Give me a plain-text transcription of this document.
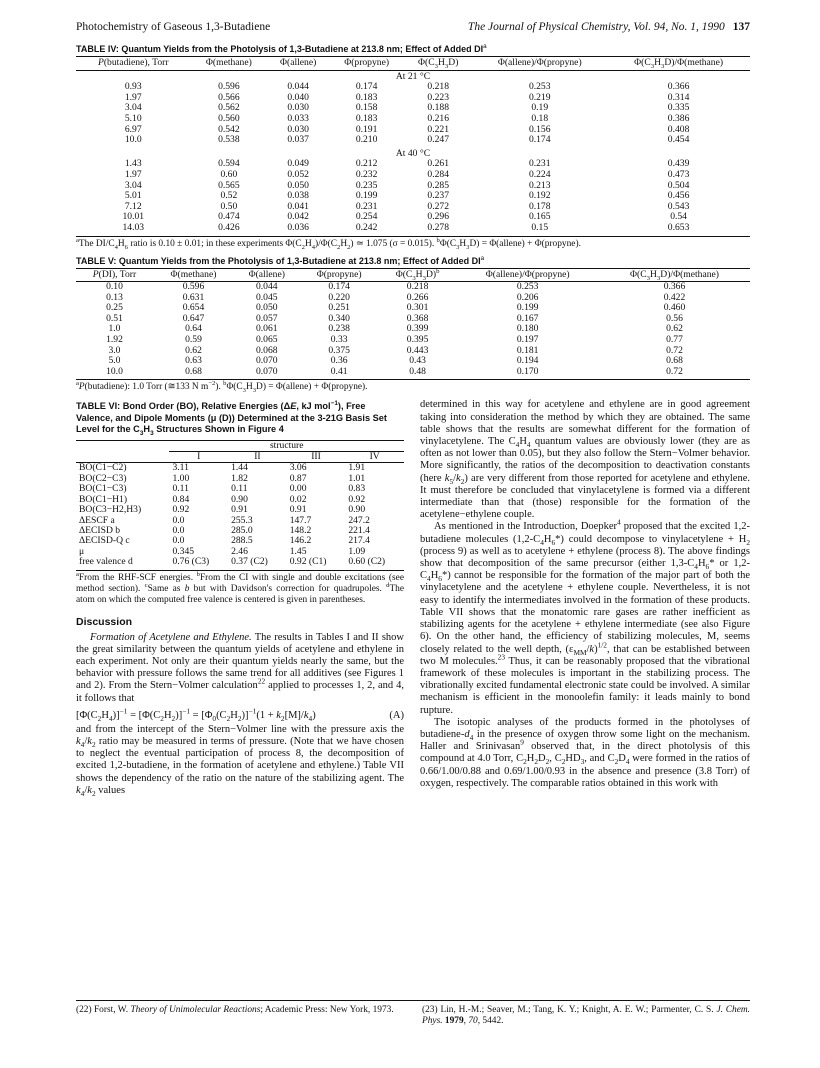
Photochemistry of Gaseous 1,3-Butadiene	The Journal of Physical Chemistry, Vol. 94, No. 1, 1990 137
TABLE IV: Quantum Yields from the Photolysis of 1,3-Butadiene at 213.8 nm; Effect of Added $DI^a$
P(butadiene), Torr	Φ(methane)	Φ(allene)	Φ(propyne)	$\Phi(C_3H_3D)$	Φ(allene)/Φ(propyne)	$\Phi(C_3H_3D)/\Phi(methane)$
At 21 °C						
0.93	0.596	0.044	0.174	0.218	0.253	0.366
1.97	0.566	0.040	0.183	0.223	0.219	0.314
3.04	0.562	0.030	0.158	0.188	0.19	0.335
5.10	0.560	0.033	0.183	0.216	0.18	0.386
6.97	0.542	0.030	0.191	0.221	0.156	0.408
10.0	0.538	0.037	0.210	0.247	0.174	0.454
At 40 °C						
1.43	0.594	0.049	0.212	0.261	0.231	0.439
1.97	0.60	0.052	0.232	0.284	0.224	0.473
3.04	0.565	0.050	0.235	0.285	0.213	0.504
5.01	0.52	0.038	0.199	0.237	0.192	0.456
7.12	0.50	0.041	0.231	0.272	0.178	0.543
10.01	0.474	0.042	0.254	0.296	0.165	0.54
14.03	0.426	0.036	0.242	0.278	0.15	0.653
$^a$The $DI/C_4H_6$ ratio is 0.10 ± 0.01; in these experiments $\Phi(C_2H_4)/\Phi(C_2H_2)$ ≃ 1.075 (σ = 0.015). $^b\Phi(C_3H_3D)$ = Φ(allene) + Φ(propyne).
TABLE V: Quantum Yields from the Photolysis of 1,3-Butadiene at 213.8 nm; Effect of Added $DI^a$
P(DI), Torr	Φ(methane)	Φ(allene)	Φ(propyne)	$\Phi(C_3H_3D)^b$	Φ(allene)/Φ(propyne)	$\Phi(C_3H_3D)/\Phi(methane)$
0.10	0.596	0.044	0.174	0.218	0.253	0.366
0.13	0.631	0.045	0.220	0.266	0.206	0.422
0.25	0.654	0.050	0.251	0.301	0.199	0.460
0.51	0.647	0.057	0.340	0.368	0.167	0.56
1.0	0.64	0.061	0.238	0.399	0.180	0.62
1.92	0.59	0.065	0.33	0.395	0.197	0.77
3.0	0.62	0.068	0.375	0.443	0.181	0.72
5.0	0.63	0.070	0.36	0.43	0.194	0.68
10.0	0.68	0.070	0.41	0.48	0.170	0.72
$^a$P(butadiene): 1.0 Torr (≅133 N $m^{-2}$). $^b\Phi(C_3H_3D)$ = Φ(allene) + Φ(propyne).
TABLE VI: Bond Order (BO), Relative Energies (ΔE, kJ mol$^{-1}$), Free Valence, and Dipole Moments (μ (D)) Determined at the 3-21G Basis Set Level for the $C_3H_3$ Structures Shown in Figure 4
	structure			
	I	II	III	IV
BO(C1−C2)	3.11	1.44	3.06	1.91
BO(C2−C3)	1.00	1.82	0.87	1.01
BO(C1−C3)	0.11	0.11	0.00	0.83
BO(C1−H1)	0.84	0.90	0.02	0.92
BO(C3−H2,H3)	0.92	0.91	0.91	0.90
ΔESCF a	0.0	255.3	147.7	247.2
ΔECISD b	0.0	285.0	148.2	221.4
ΔECISD-Q c	0.0	288.5	146.2	217.4
μ	0.345	2.46	1.45	1.09
free valence d	0.76 (C3)	0.37 (C2)	0.92 (C1)	0.60 (C2)
$^a$From the RHF-SCF energies. $^b$From the CI with single and double excitations (see method section). $^c$Same as b but with Davidson's correction for quadrupoles. $^d$The atom on which the computed free valence is centered is given in parentheses.
Discussion

Formation of Acetylene and Ethylene. The results in Tables I and II show the great similarity between the quantum yields of acetylene and ethylene in each experiment. Not only are their quantum yields nearly the same, but the behavior with pressure follows the same trend for all additives (see Figures 1 and 2). From the Stern−Volmer calculation$^{22}$ applied to processes 1, 2, and 4, it follows that

$[\Phi(C_2H_4)]^{-1} = [\Phi(C_2H_2)]^{-1} = [\Phi_0(C_2H_2)]^{-1}(1 + k_2[M]/k_4)$	(A)

and from the intercept of the Stern−Volmer line with the pressure axis the $k_4/k_2$ ratio may be measured in terms of pressure. (Note that we have chosen to neglect the eventual participation of process 8, the decomposition of excited 1,2-butadiene, in the formation of acetylene and ethylene.) Table VII shows the dependency of the ratio on the nature of the stabilizing agent. The $k_4/k_2$ values

determined in this way for acetylene and ethylene are in good agreement taking into consideration the method by which they are obtained. The same table shows that the results are somewhat different for the formation of vinylacetylene. The $C_4H_4$ quantum values are obviously lower (they are as often as not lower than 0.05), but they also follow the Stern−Volmer behavior. More significantly, the ratios of the decomposition to deactivation constants (here $k_5/k_2$) are very different from those reported for acetylene and ethylene. It must therefore be concluded that vinylacetylene is formed via a different intermediate than that (those) responsible for the formation of the acetylene−ethylene couple.

As mentioned in the Introduction, Doepker$^4$ proposed that the excited 1,2-butadiene molecules $(1,2-C_4H_6*)$ could decompose to vinylacetylene + $H_2$ (process 9) as well as to acetylene + ethylene (process 8). The above findings show that decomposition of the same precursor (either $1,3-C_4H_6*$ or $1,2-C_4H_6*$) cannot be responsible for the formation of the major part of both the vinylacetylene and the acetylene + ethylene couple. Nevertheless, it is not easy to identify the intermediates involved in the formation of these products. Table VII shows that the monatomic rare gases are rather inefficient as stabilizing agents for the acetylene + ethylene intermediate (see also Figure 6). On the other hand, the efficiency of stabilizing molecules, M, seems closely related to the well depth, $(\varepsilon_{MM}/k)^{1/2}$, that can be established between two M molecules.$^{23}$ Thus, it can be reasonably proposed that the vibrational framework of these molecules is important in the stabilizing process. The vibrationally excited fundamental electronic state could be involved. A similar mechanism is efficient in the monoolefin family: it leads mainly to bond rupture.

The isotopic analyses of the products formed in the photolyses of butadiene-$d_4$ in the presence of oxygen throw some light on the mechanism. Haller and Srinivasan$^9$ observed that, in the direct photolysis of this compound at 4.0 Torr, $C_2H_2D_2$, $C_2HD_3$, and $C_2D_4$ were formed in the ratios of 0.66/1.00/0.88 and 0.69/1.00/0.93 in the absence and presence (3.8 Torr) of oxygen, respectively. The comparable ratios obtained in this work with

(22) Forst, W. Theory of Unimolecular Reactions; Academic Press: New York, 1973.	(23) Lin, H.-M.; Seaver, M.; Tang, K. Y.; Knight, A. E. W.; Parmenter, C. S. J. Chem. Phys. 1979, 70, 5442.
